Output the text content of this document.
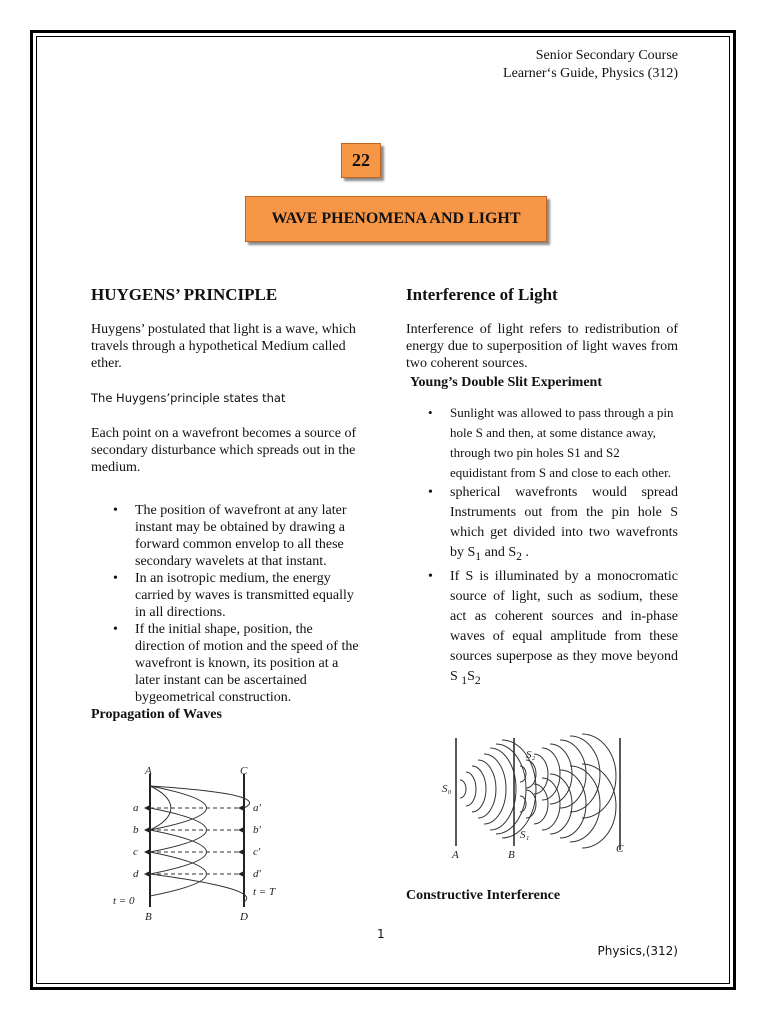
Senior Secondary Course
Learner‘s Guide, Physics (312)
22
WAVE PHENOMENA AND LIGHT
HUYGENS’ PRINCIPLE

Huygens’ postulated that light is a wave, which travels through a hypothetical Medium called ether.

The Huygens’principle states that

Each point on a wavefront becomes a source of secondary disturbance which spreads out in the medium.

• The position of wavefront at any later instant may be obtained by drawing a forward common envelop to all these secondary wavelets at that instant.
• In an isotropic medium, the energy carried by waves is transmitted equally in all directions.
• If the initial shape, position, the direction of motion and the speed of the wavefront is known, its position at a later instant can be ascertained bygeometrical construction.
Propagation of Waves
A	C
a
b
c
d
a′
b′
c′
d′
t = 0
t = T
B	D
Interference of Light

Interference of light refers to redistribution of energy due to superposition of light waves from two coherent sources.

Young’s Double Slit Experiment
• Sunlight was allowed to pass through a pin hole S and then, at some distance away, through two pin holes S1 and S2 equidistant from S and close to each other.
• spherical wavefronts would spread Instruments out from the pin hole S which get divided into two wavefronts by $S_1$ and $S_2$ .
• If S is illuminated by a monocromatic source of light, such as sodium, these act as coherent sources and in-phase waves of equal amplitude from these sources superpose as they move beyond S $_1S_2$
S₀
S₂
S₁
A	B	C
Constructive Interference
1
Physics,(312)
